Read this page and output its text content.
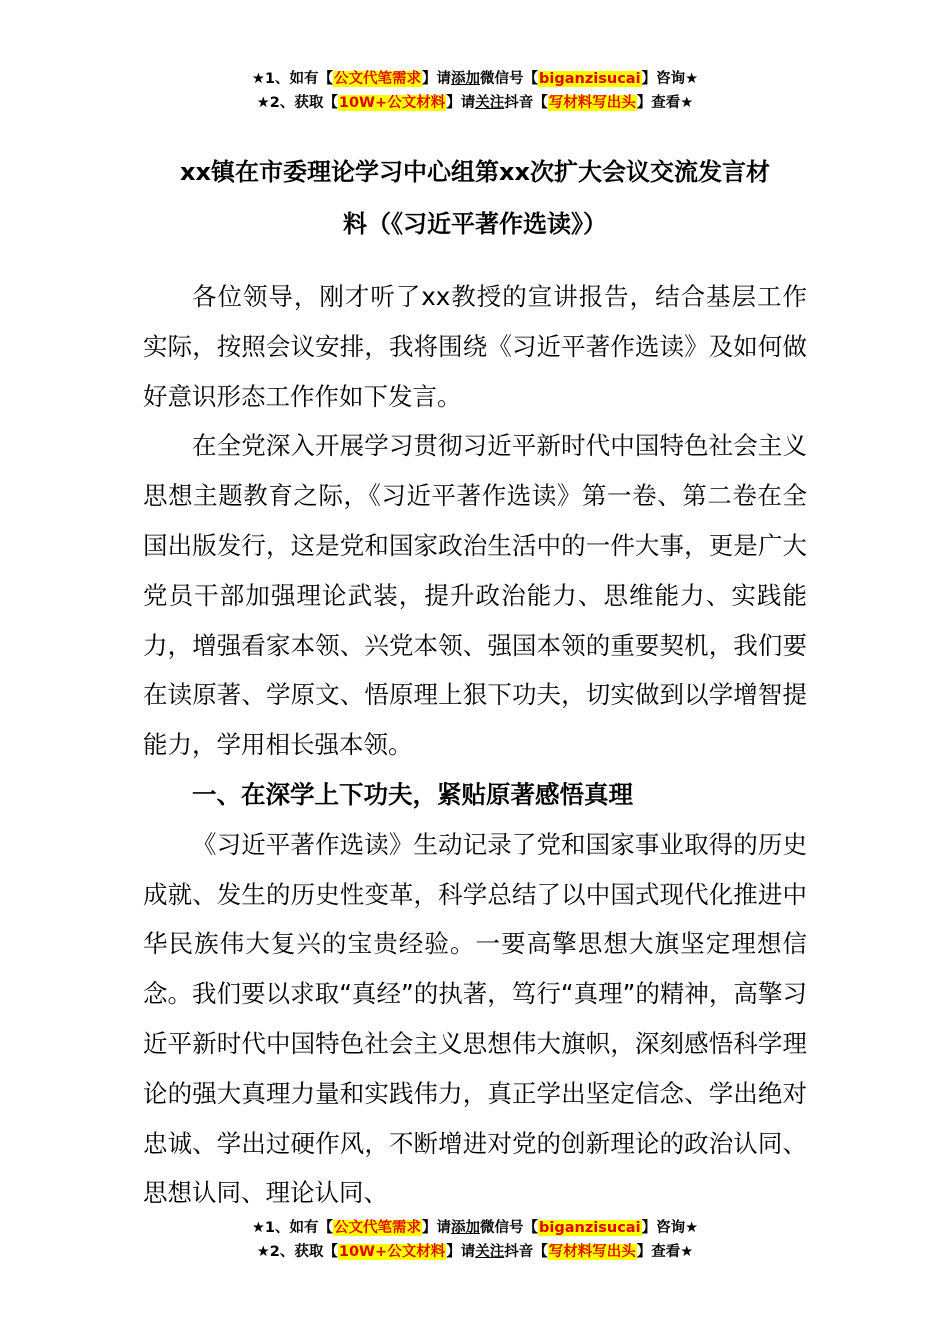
★1、如有【公文代笔需求】请添加微信号【biganzisucai】咨询★
★2、获取【10W+公文材料】请关注抖音【写材料写出头】查看★
xx镇在市委理论学习中心组第xx次扩大会议交流发言材
料（《习近平著作选读》）

各位领导，刚才听了xx教授的宣讲报告，结合基层工作实际，按照会议安排，我将围绕《习近平著作选读》及如何做好意识形态工作作如下发言。

在全党深入开展学习贯彻习近平新时代中国特色社会主义思想主题教育之际，《习近平著作选读》第一卷、第二卷在全国出版发行，这是党和国家政治生活中的一件大事，更是广大党员干部加强理论武装，提升政治能力、思维能力、实践能力，增强看家本领、兴党本领、强国本领的重要契机，我们要在读原著、学原文、悟原理上狠下功夫，切实做到以学增智提能力，学用相长强本领。

一、在深学上下功夫，紧贴原著感悟真理

《习近平著作选读》生动记录了党和国家事业取得的历史成就、发生的历史性变革，科学总结了以中国式现代化推进中华民族伟大复兴的宝贵经验。一要高擎思想大旗坚定理想信念。我们要以求取“真经”的执著，笃行“真理”的精神，高擎习近平新时代中国特色社会主义思想伟大旗帜，深刻感悟科学理论的强大真理力量和实践伟力，真正学出坚定信念、学出绝对忠诚、学出过硬作风，不断增进对党的创新理论的政治认同、思想认同、理论认同、

★1、如有【公文代笔需求】请添加微信号【biganzisucai】咨询★
★2、获取【10W+公文材料】请关注抖音【写材料写出头】查看★
